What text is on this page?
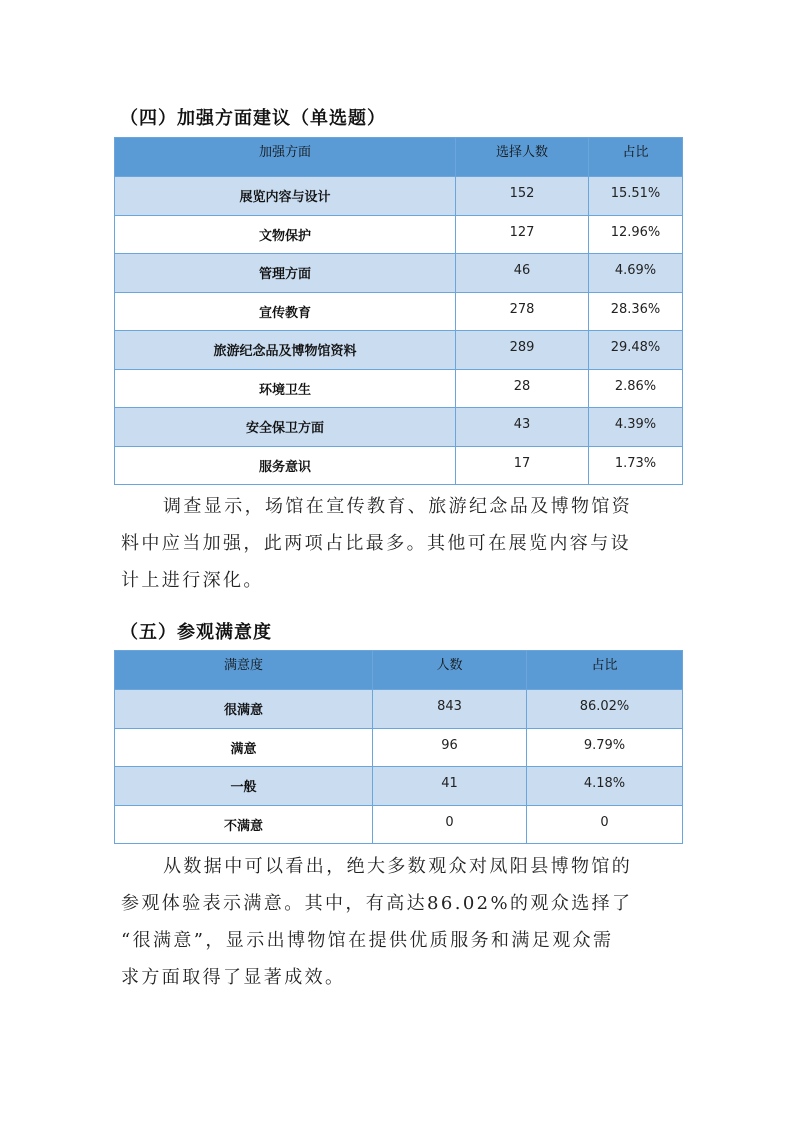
（四）加强方面建议（单选题）
加强方面	选择人数	占比
展览内容与设计	152	15.51%
文物保护	127	12.96%
管理方面	46	4.69%
宣传教育	278	28.36%
旅游纪念品及博物馆资料	289	29.48%
环境卫生	28	2.86%
安全保卫方面	43	4.39%
服务意识	17	1.73%
调查显示，场馆在宣传教育、旅游纪念品及博物馆资
料中应当加强，此两项占比最多。其他可在展览内容与设
计上进行深化。
（五）参观满意度
满意度	人数	占比
很满意	843	86.02%
满意	96	9.79%
一般	41	4.18%
不满意	0	0
从数据中可以看出，绝大多数观众对凤阳县博物馆的
参观体验表示满意。其中，有高达86.02%的观众选择了
“很满意”，显示出博物馆在提供优质服务和满足观众需
求方面取得了显著成效。
